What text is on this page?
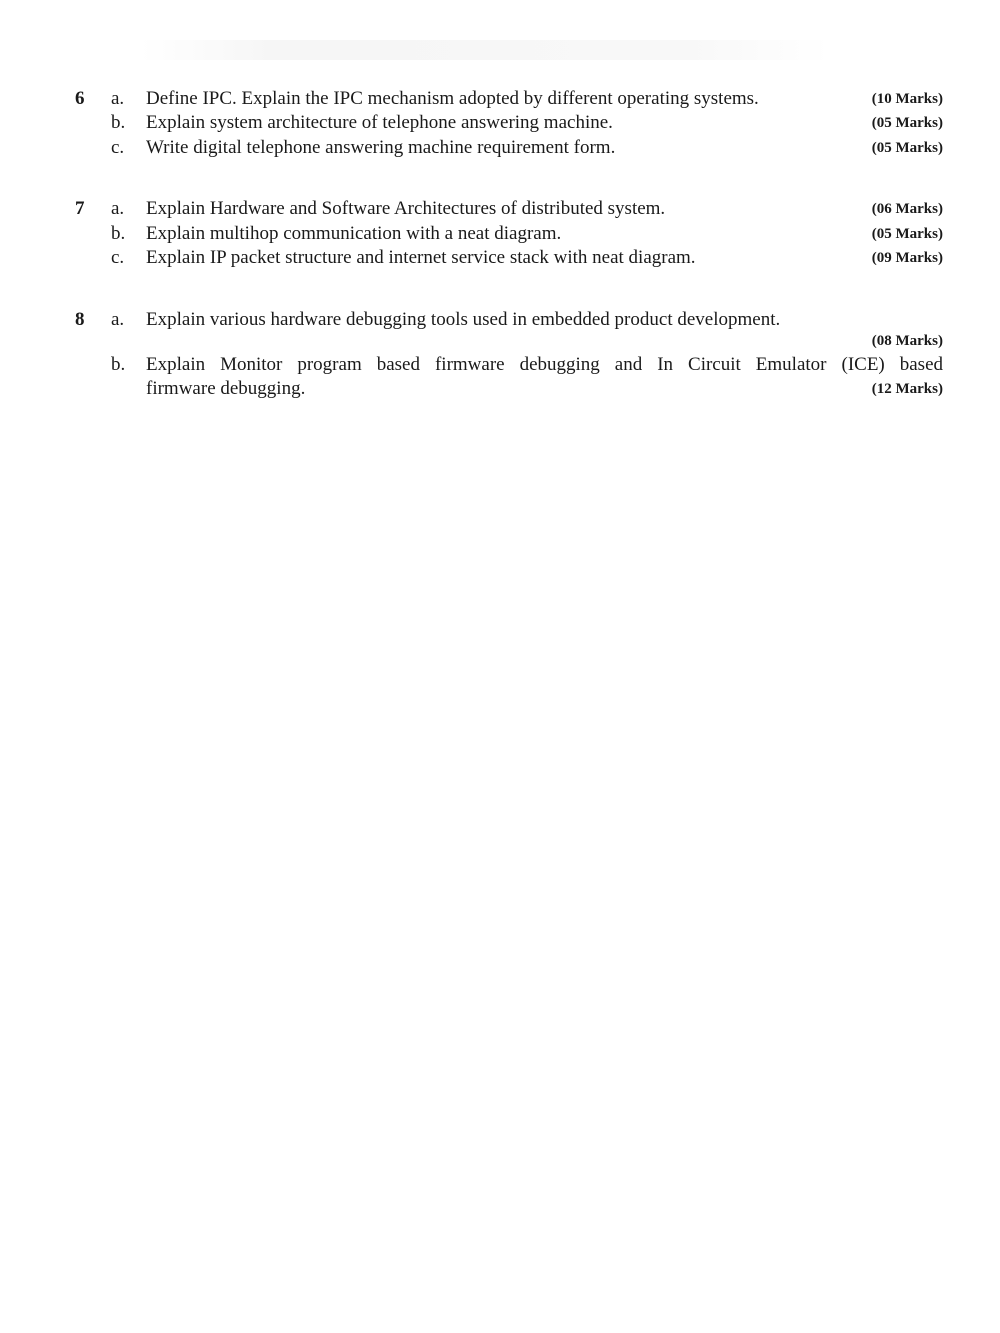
6 a. Define IPC. Explain the IPC mechanism adopted by different operating systems.	(10 Marks)
b. Explain system architecture of telephone answering machine.	(05 Marks)
c. Write digital telephone answering machine requirement form.	(05 Marks)
7 a. Explain Hardware and Software Architectures of distributed system.	(06 Marks)
b. Explain multihop communication with a neat diagram.	(05 Marks)
c. Explain IP packet structure and internet service stack with neat diagram.	(09 Marks)
8 a. Explain various hardware debugging tools used in embedded product development.
(08 Marks)
b. Explain Monitor program based firmware debugging and In Circuit Emulator (ICE) based
firmware debugging.	(12 Marks)
